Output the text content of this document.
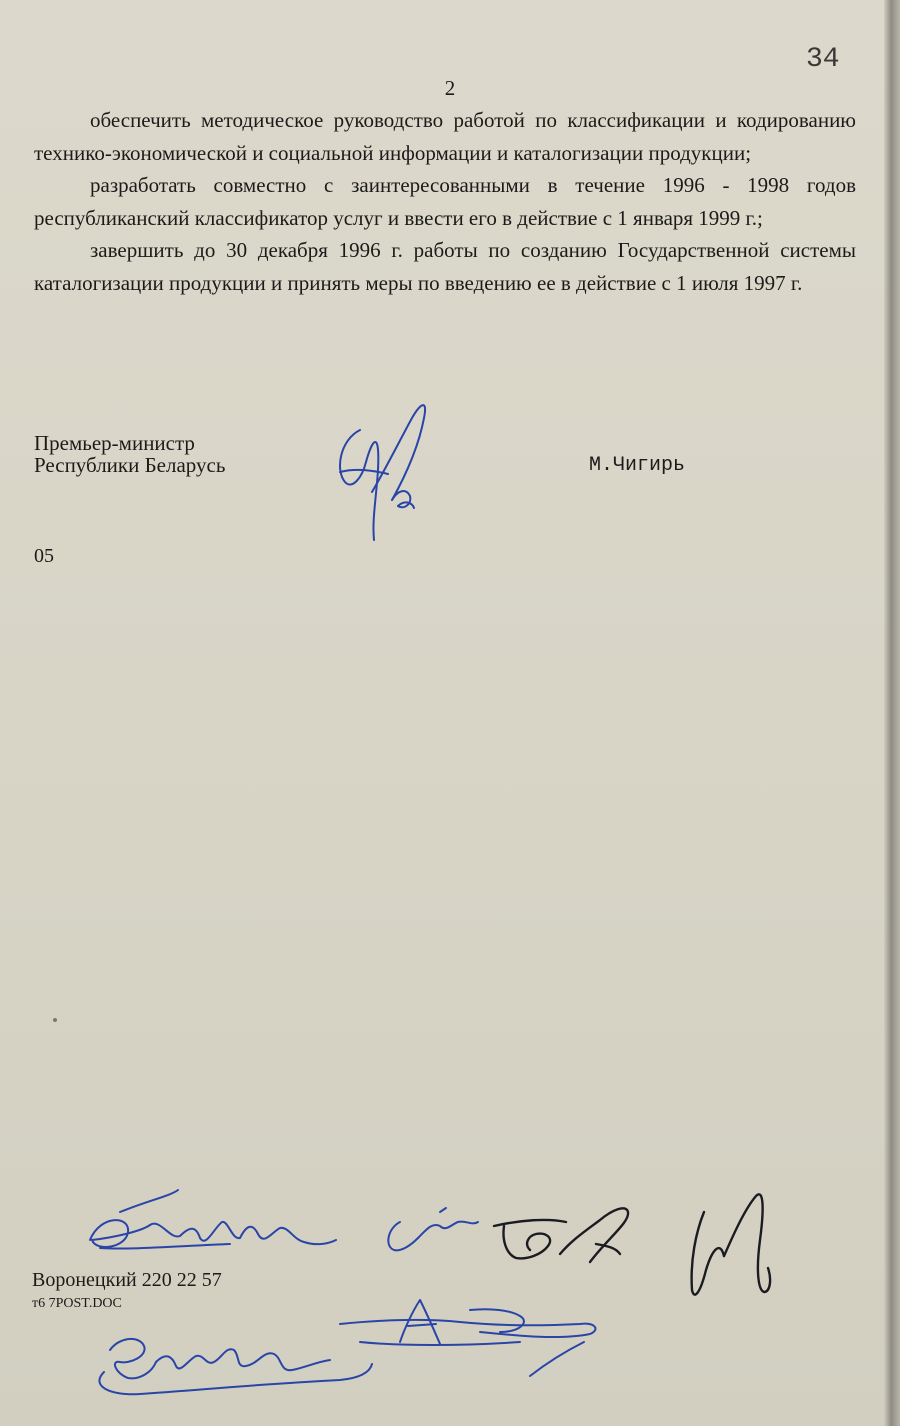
34
2

обеспечить методическое руководство работой по классификации и кодированию технико-экономической и социальной информации и каталогизации продукции;

разработать совместно с заинтересованными в течение 1996 - 1998 годов республиканский классификатор услуг и ввести его в действие с 1 января 1999 г.;

завершить до 30 декабря 1996 г. работы по созданию Государственной системы каталогизации продукции и принять меры по введению ее в действие с 1 июля 1997 г.

Премьер-министр
Республики Беларусь	М.Чигирь
05
Воронецкий 220 22 57
т6 7POST.DOC
